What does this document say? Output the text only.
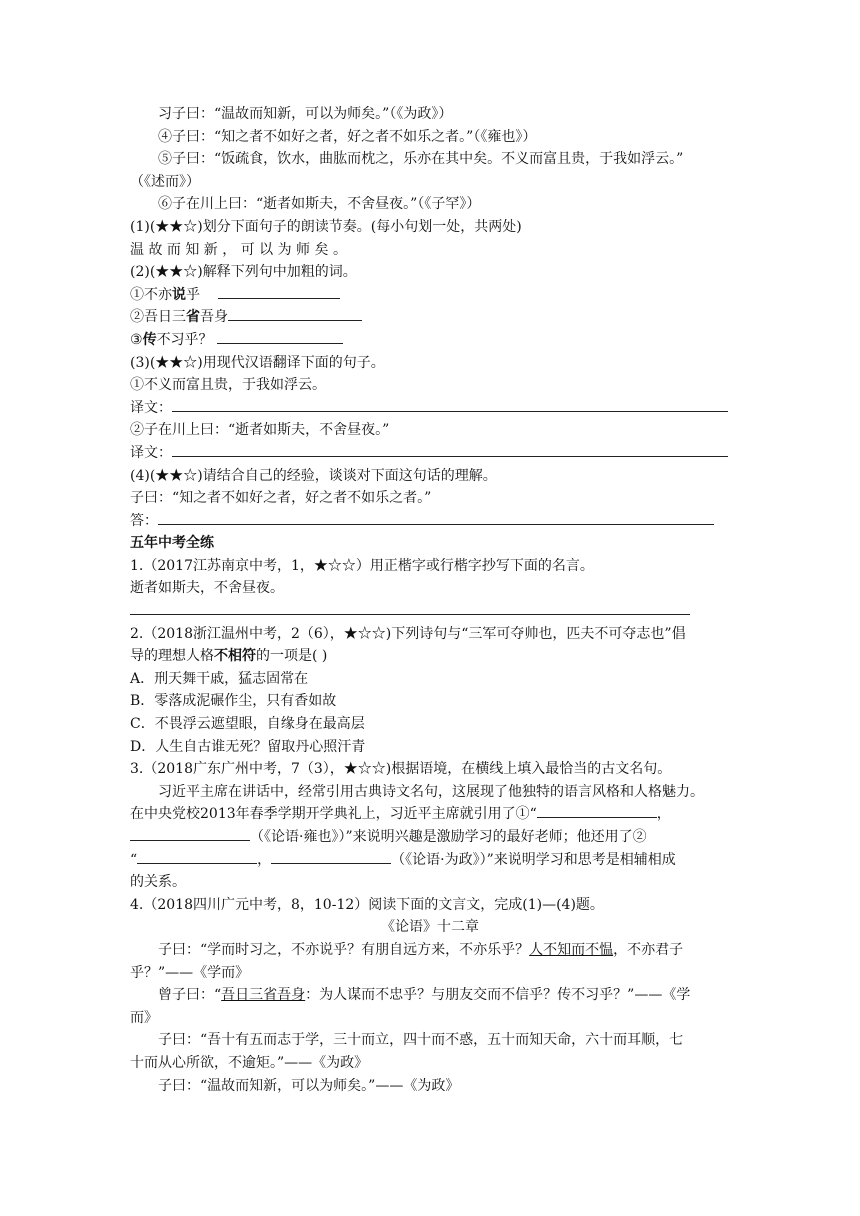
习子曰：“温故而知新，可以为师矣。”（《为政》）
④子曰：“知之者不如好之者，好之者不如乐之者。”（《雍也》）
⑤子曰：“饭疏食，饮水，曲肱而枕之，乐亦在其中矣。不义而富且贵，于我如浮云。”
（《述而》）
⑥子在川上曰：“逝者如斯夫，不舍昼夜。”（《子罕》）
(1)(★★☆)划分下面句子的朗读节奏。(每小句划一处，共两处)
温 故 而 知 新 ， 可 以 为 师 矣 。
(2)(★★☆)解释下列句中加粗的词。
①不亦说乎
②吾日三省吾身
③传不习乎？
(3)(★★☆)用现代汉语翻译下面的句子。
①不义而富且贵，于我如浮云。
译文：
②子在川上曰：“逝者如斯夫，不舍昼夜。”
译文：
(4)(★★☆)请结合自己的经验，谈谈对下面这句话的理解。
子曰：“知之者不如好之者，好之者不如乐之者。”
答：
五年中考全练
1.（2017江苏南京中考，1，★☆☆）用正楷字或行楷字抄写下面的名言。
逝者如斯夫，不舍昼夜。
2.（2018浙江温州中考，2（6），★☆☆)下列诗句与“三军可夺帅也，匹夫不可夺志也”倡
导的理想人格不相符的一项是( )
A．刑天舞干戚，猛志固常在
B．零落成泥碾作尘，只有香如故
C．不畏浮云遮望眼，自缘身在最高层
D．人生自古谁无死？留取丹心照汗青
3.（2018广东广州中考，7（3），★☆☆)根据语境，在横线上填入最恰当的古文名句。
习近平主席在讲话中，经常引用古典诗文名句，这展现了他独特的语言风格和人格魅力。
在中央党校2013年春季学期开学典礼上，习近平主席就引用了①“	，
（《论语·雍也》）”来说明兴趣是激励学习的最好老师；他还用了②
“	，	（《论语·为政》）”来说明学习和思考是相辅相成
的关系。
4.（2018四川广元中考，8，10-12）阅读下面的文言文，完成(1)—(4)题。
《论语》十二章
子曰：“学而时习之，不亦说乎？有朋自远方来，不亦乐乎？人不知而不愠，不亦君子
乎？”——《学而》
曾子曰：“吾日三省吾身：为人谋而不忠乎？与朋友交而不信乎？传不习乎？”——《学
而》
子曰：“吾十有五而志于学，三十而立，四十而不惑，五十而知天命，六十而耳顺，七
十而从心所欲，不逾矩。”——《为政》
子曰：“温故而知新，可以为师矣。”——《为政》
